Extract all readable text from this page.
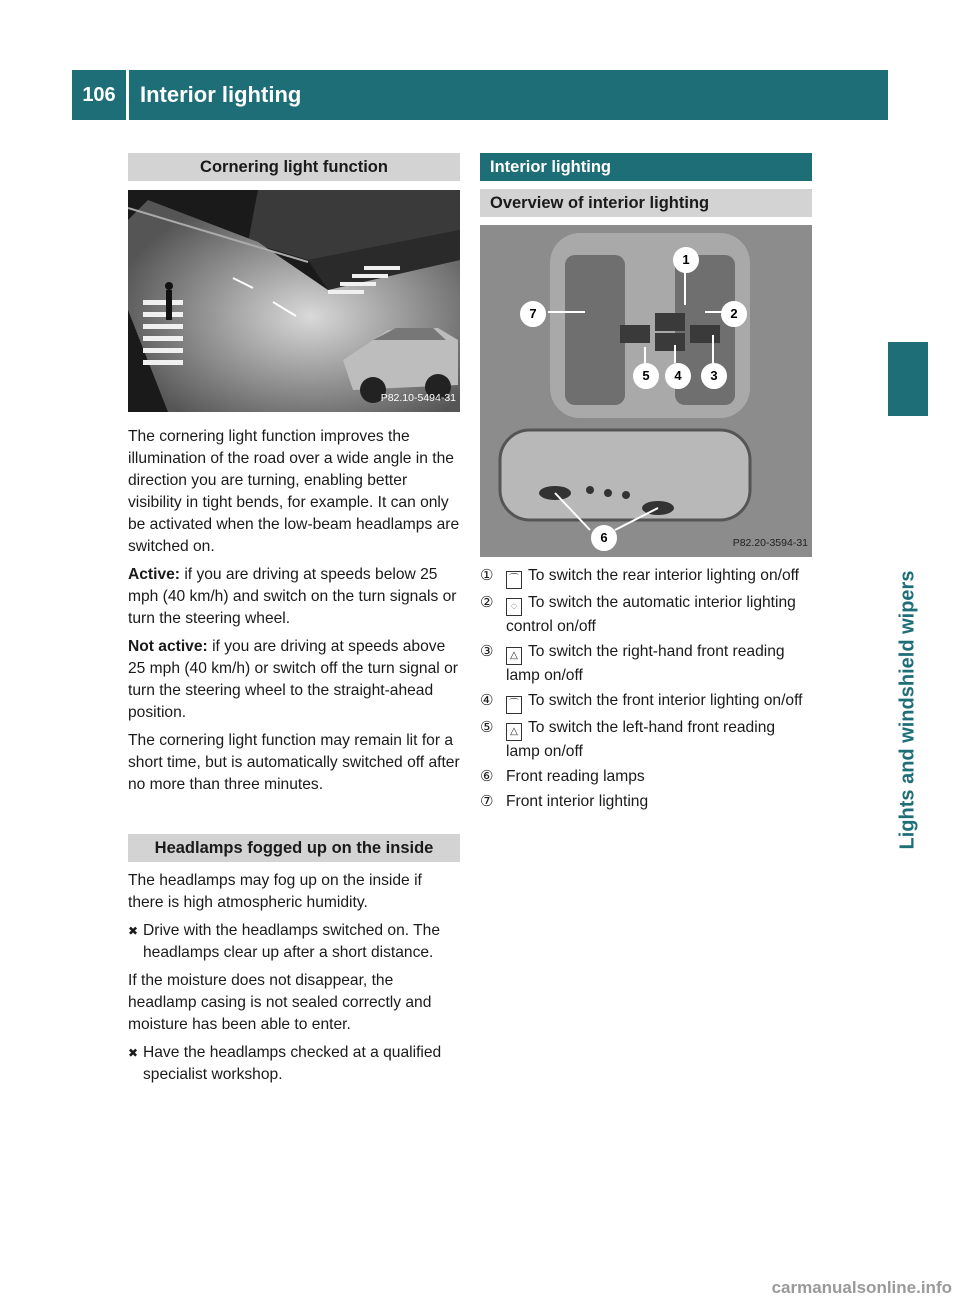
106	Interior lighting
Lights and windshield wipers
Cornering light function
P82.10-5494-31

The cornering light function improves the illumination of the road over a wide angle in the direction you are turning, enabling better visibility in tight bends, for example. It can only be activated when the low-beam headlamps are switched on.

Active: if you are driving at speeds below 25 mph (40 km/h) and switch on the turn signals or turn the steering wheel.

Not active: if you are driving at speeds above 25 mph (40 km/h) or switch off the turn signal or turn the steering wheel to the straight-ahead position.

The cornering light function may remain lit for a short time, but is automatically switched off after no more than three minutes.

Headlamps fogged up on the inside

The headlamps may fog up on the inside if there is high atmospheric humidity.

✖ Drive with the headlamps switched on. The headlamps clear up after a short distance.

If the moisture does not disappear, the headlamp casing is not sealed correctly and moisture has been able to enter.

✖ Have the headlamps checked at a qualified specialist workshop.
Interior lighting
Overview of interior lighting
1
2
3
4
5
6
7
P82.20-3594-31
①	⌒ To switch the rear interior lighting on/off
②	◌ To switch the automatic interior lighting control on/off
③	△ To switch the right-hand front reading lamp on/off
④	⌒ To switch the front interior lighting on/off
⑤	△ To switch the left-hand front reading lamp on/off
⑥ Front reading lamps
⑦ Front interior lighting
carmanualsonline.info
